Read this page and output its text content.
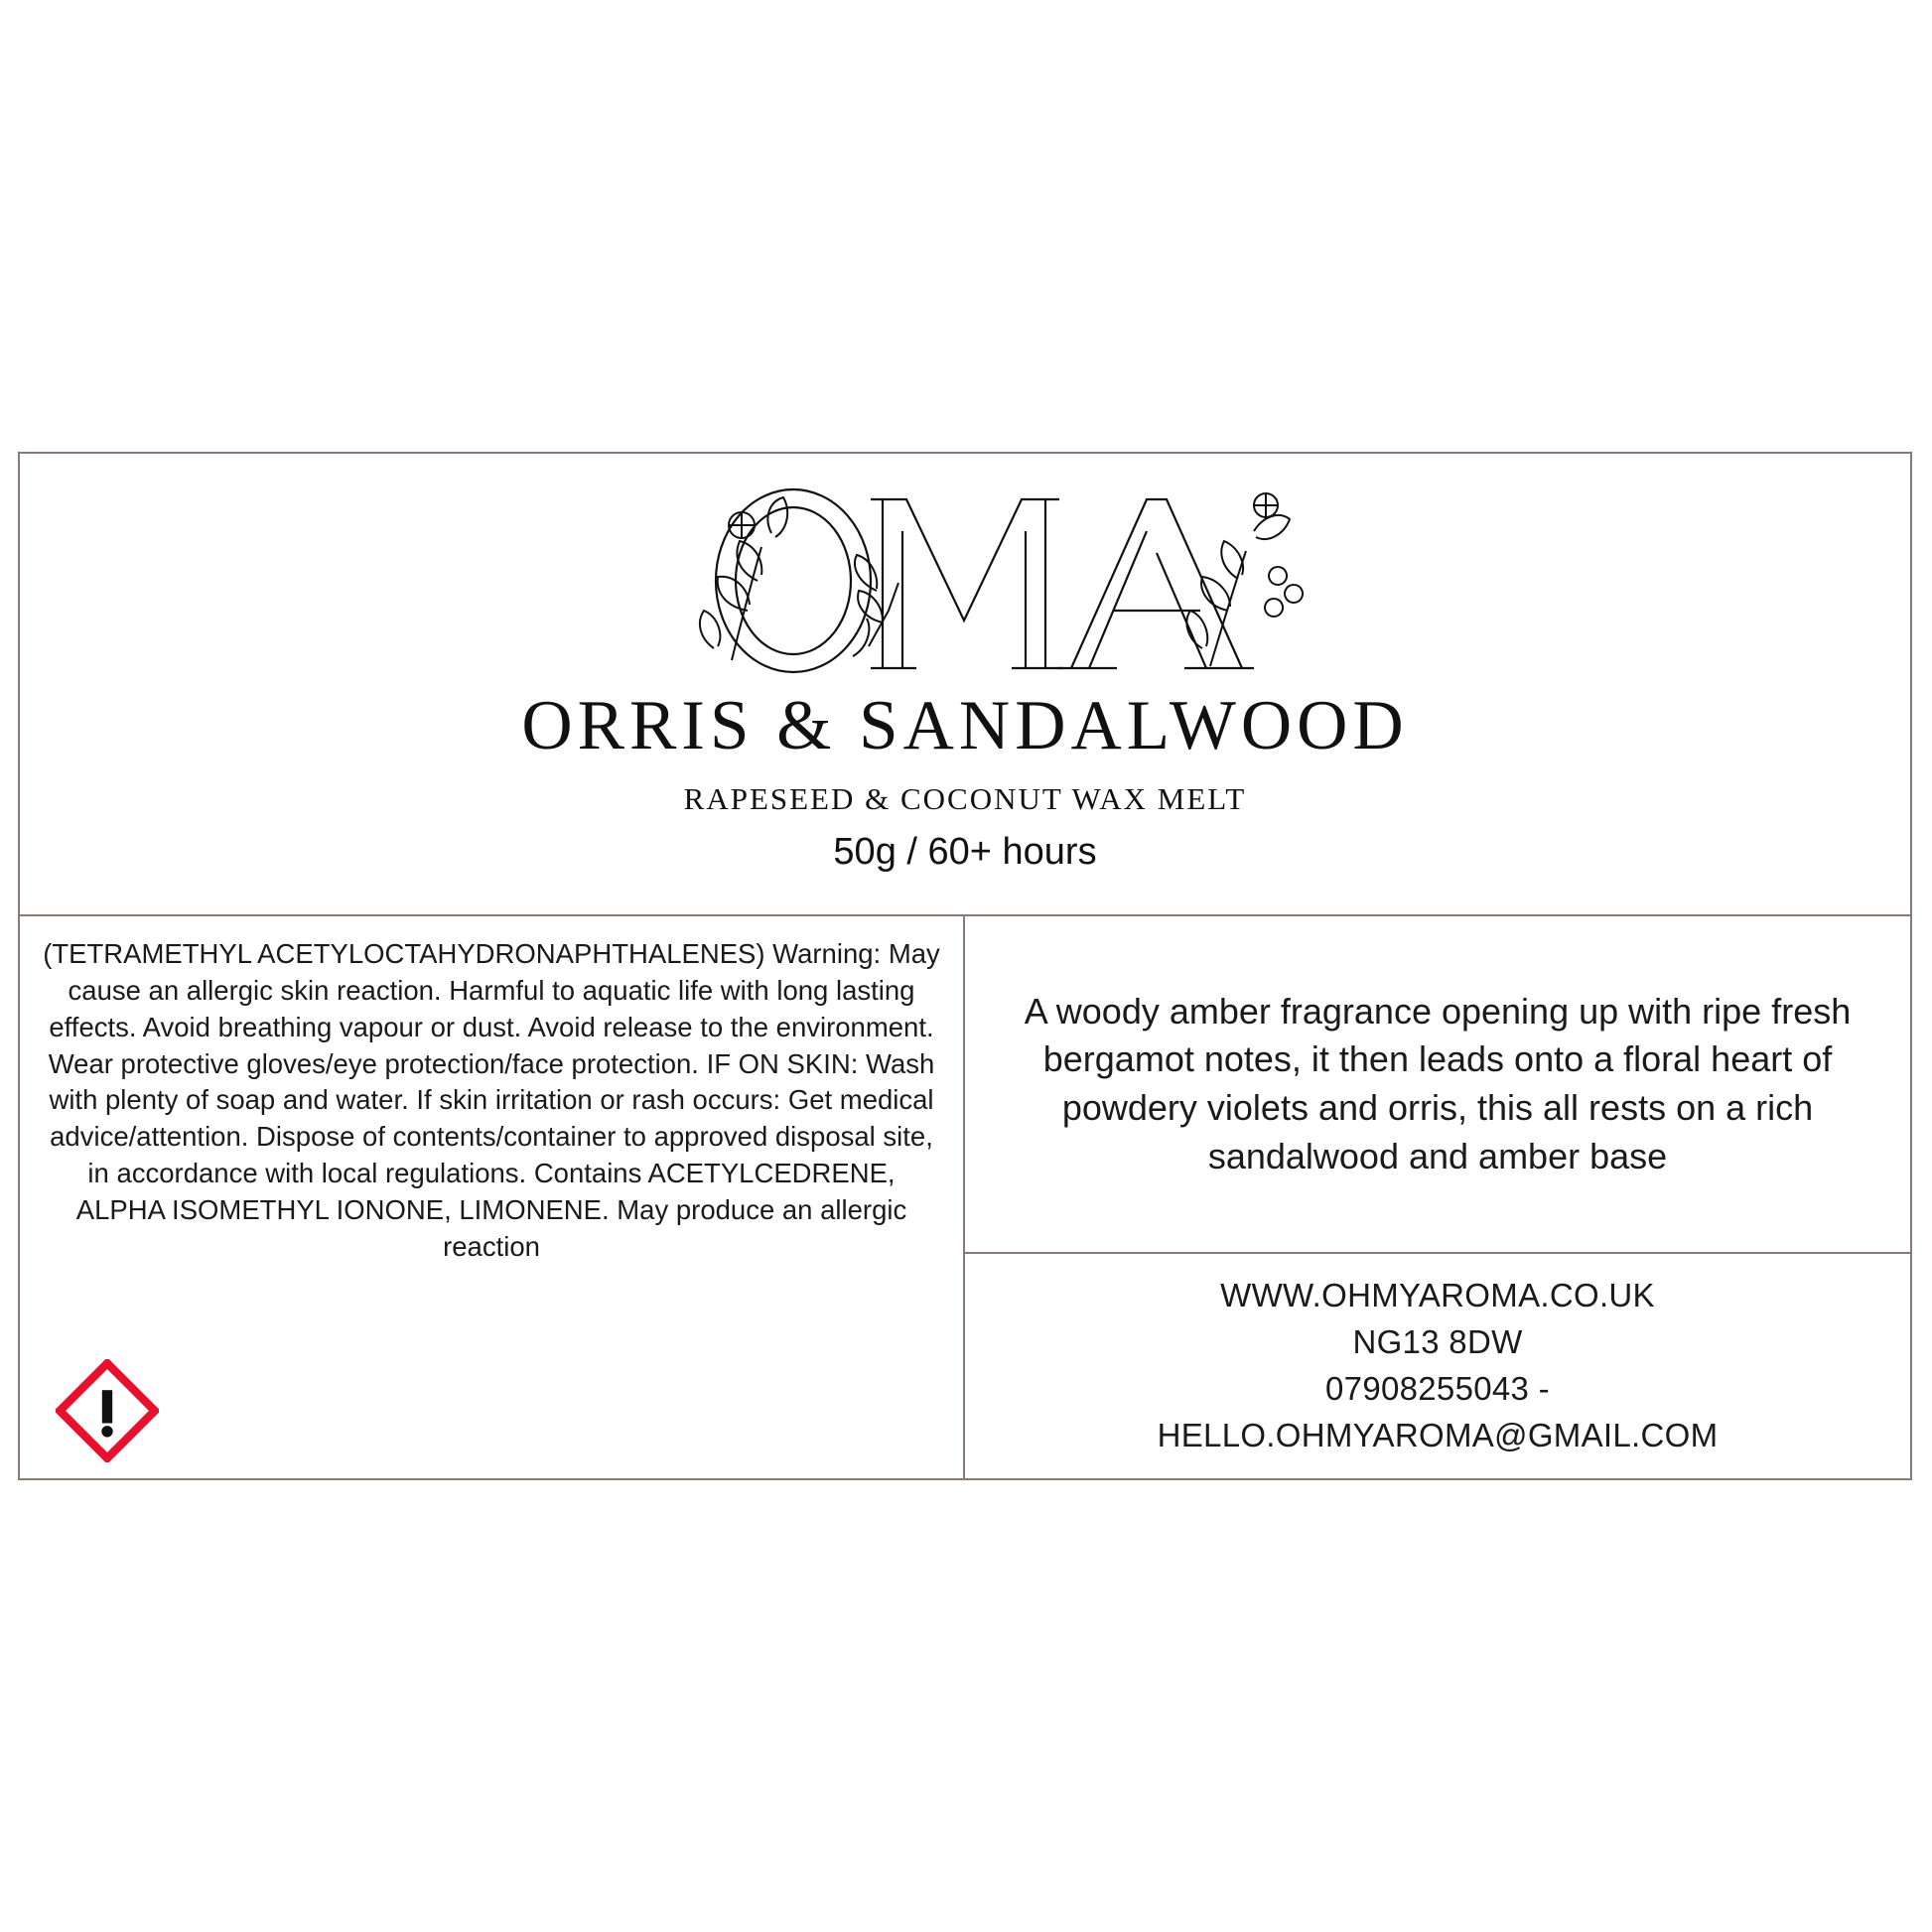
ORRIS & SANDALWOOD
RAPESEED & COCONUT WAX MELT
50g / 60+ hours
(TETRAMETHYL ACETYLOCTAHYDRONAPHTHALENES) Warning: May cause an allergic skin reaction. Harmful to aquatic life with long lasting effects. Avoid breathing vapour or dust. Avoid release to the environment. Wear protective gloves/eye protection/face protection. IF ON SKIN: Wash with plenty of soap and water. If skin irritation or rash occurs: Get medical advice/attention. Dispose of contents/container to approved disposal site, in accordance with local regulations. Contains ACETYLCEDRENE, ALPHA ISOMETHYL IONONE, LIMONENE. May produce an allergic reaction

A woody amber fragrance opening up with ripe fresh bergamot notes, it then leads onto a floral heart of powdery violets and orris, this all rests on a rich sandalwood and amber base

WWW.OHMYAROMA.CO.UK
NG13 8DW
07908255043 -
HELLO.OHMYAROMA@GMAIL.COM
